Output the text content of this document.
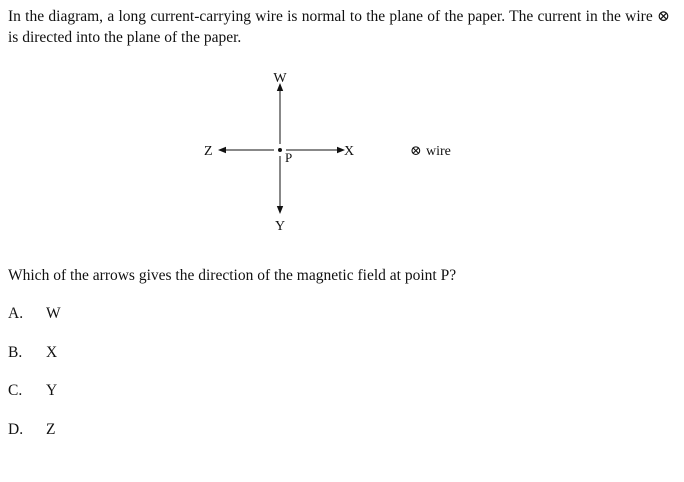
In the diagram, a long current-carrying wire is normal to the plane of the paper. The current in the wire ⊗ is directed into the plane of the paper.
W
Y
X
Z	P	⊗ wire
Which of the arrows gives the direction of the magnetic field at point P?
A. W
B. X
C. Y
D. Z
